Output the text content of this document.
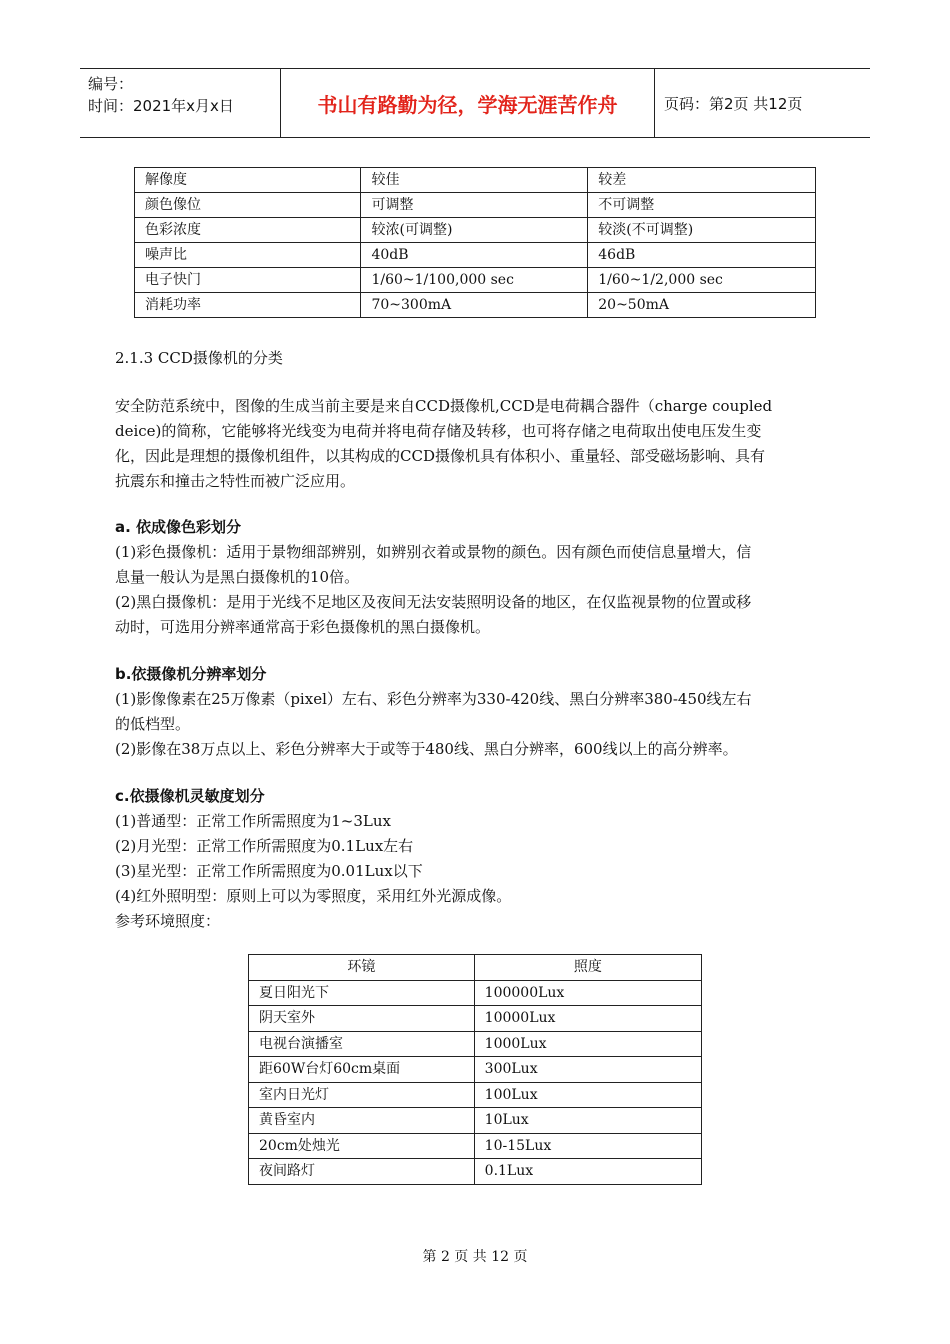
编号：
时间：2021年x月x日	书山有路勤为径，学海无涯苦作舟	页码：第2页 共12页
解像度	较佳	较差
颜色像位	可调整	不可调整
色彩浓度	较浓(可调整)	较淡(不可调整)
噪声比	40dB	46dB
电子快门	1/60~1/100,000 sec	1/60~1/2,000 sec
消耗功率	70~300mA	20~50mA
2.1.3 CCD摄像机的分类
安全防范系统中，图像的生成当前主要是来自CCD摄像机,CCD是电荷耦合器件（charge coupled
deice)的简称，它能够将光线变为电荷并将电荷存储及转移，也可将存储之电荷取出使电压发生变
化，因此是理想的摄像机组件，以其构成的CCD摄像机具有体积小、重量轻、部受磁场影响、具有
抗震东和撞击之特性而被广泛应用。
a. 依成像色彩划分
(1)彩色摄像机：适用于景物细部辨别，如辨别衣着或景物的颜色。因有颜色而使信息量增大，信
息量一般认为是黑白摄像机的10倍。
(2)黑白摄像机：是用于光线不足地区及夜间无法安装照明设备的地区，在仅监视景物的位置或移
动时，可选用分辨率通常高于彩色摄像机的黑白摄像机。
b.依摄像机分辨率划分
(1)影像像素在25万像素（pixel）左右、彩色分辨率为330-420线、黑白分辨率380-450线左右
的低档型。
(2)影像在38万点以上、彩色分辨率大于或等于480线、黑白分辨率，600线以上的高分辨率。
c.依摄像机灵敏度划分
(1)普通型：正常工作所需照度为1~3Lux
(2)月光型：正常工作所需照度为0.1Lux左右
(3)星光型：正常工作所需照度为0.01Lux以下
(4)红外照明型：原则上可以为零照度，采用红外光源成像。
参考环境照度：
环镜	照度
夏日阳光下	100000Lux
阴天室外	10000Lux
电视台演播室	1000Lux
距60W台灯60cm桌面	300Lux
室内日光灯	100Lux
黄昏室内	10Lux
20cm处烛光	10-15Lux
夜间路灯	0.1Lux
第 2 页 共 12 页
